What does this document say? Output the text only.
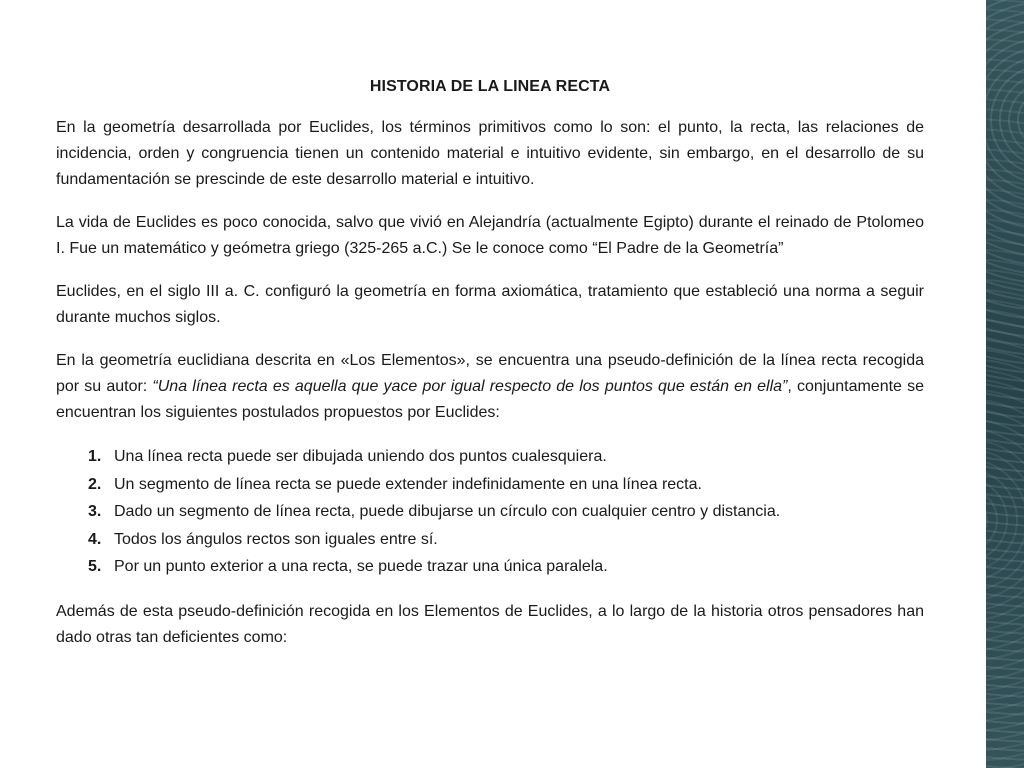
HISTORIA DE LA LINEA RECTA

En la geometría desarrollada por Euclides, los términos primitivos como lo son: el punto, la recta, las relaciones de incidencia, orden y congruencia tienen un contenido material e intuitivo evidente, sin embargo, en el desarrollo de su fundamentación se prescinde de este desarrollo material e intuitivo.

La vida de Euclides es poco conocida, salvo que vivió en Alejandría (actualmente Egipto) durante el reinado de Ptolomeo I. Fue un matemático y geómetra griego (325-265 a.C.) Se le conoce como “El Padre de la Geometría”

Euclides, en el siglo III a. C. configuró la geometría en forma axiomática, tratamiento que estableció una norma a seguir durante muchos siglos.

En la geometría euclidiana descrita en «Los Elementos», se encuentra una pseudo-definición de la línea recta recogida por su autor: “Una línea recta es aquella que yace por igual respecto de los puntos que están en ella”, conjuntamente se encuentran los siguientes postulados propuestos por Euclides:

1. Una línea recta puede ser dibujada uniendo dos puntos cualesquiera.
2. Un segmento de línea recta se puede extender indefinidamente en una línea recta.
3. Dado un segmento de línea recta, puede dibujarse un círculo con cualquier centro y distancia.
4. Todos los ángulos rectos son iguales entre sí.
5. Por un punto exterior a una recta, se puede trazar una única paralela.

Además de esta pseudo-definición recogida en los Elementos de Euclides, a lo largo de la historia otros pensadores han dado otras tan deficientes como:
